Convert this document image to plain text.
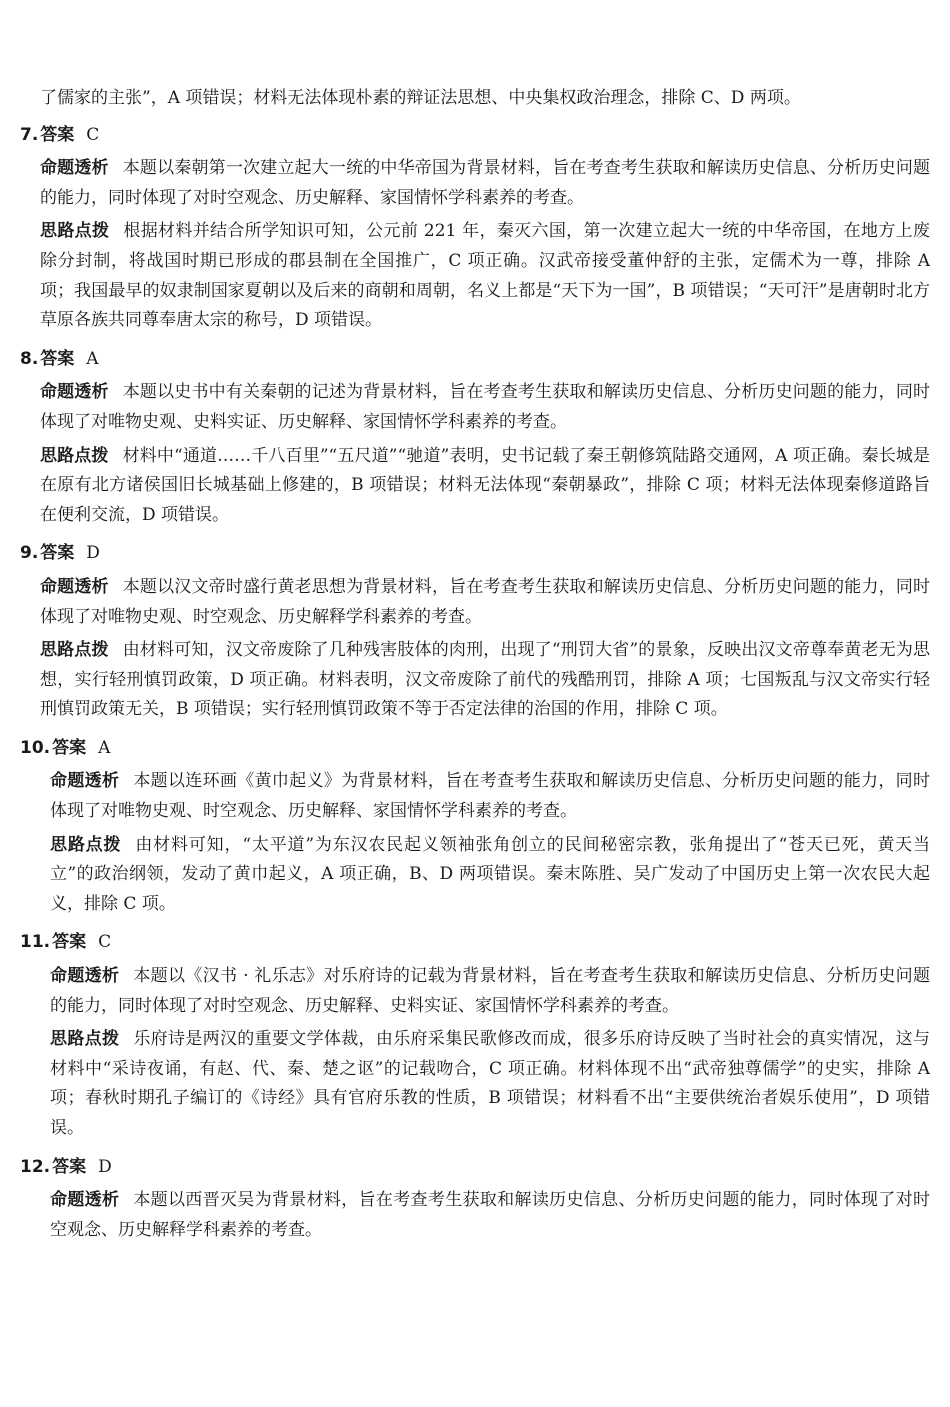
了儒家的主张”，A 项错误；材料无法体现朴素的辩证法思想、中央集权政治理念，排除 C、D 两项。
7. 答案 C
命题透析 本题以秦朝第一次建立起大一统的中华帝国为背景材料，旨在考查考生获取和解读历史信息、分析历史问题的能力，同时体现了对时空观念、历史解释、家国情怀学科素养的考查。
思路点拨 根据材料并结合所学知识可知，公元前 221 年，秦灭六国，第一次建立起大一统的中华帝国，在地方上废除分封制，将战国时期已形成的郡县制在全国推广，C 项正确。汉武帝接受董仲舒的主张，定儒术为一尊，排除 A 项；我国最早的奴隶制国家夏朝以及后来的商朝和周朝，名义上都是“天下为一国”，B 项错误；“天可汗”是唐朝时北方草原各族共同尊奉唐太宗的称号，D 项错误。
8. 答案 A
命题透析 本题以史书中有关秦朝的记述为背景材料，旨在考查考生获取和解读历史信息、分析历史问题的能力，同时体现了对唯物史观、史料实证、历史解释、家国情怀学科素养的考查。
思路点拨 材料中“通道……千八百里”“五尺道”“驰道”表明，史书记载了秦王朝修筑陆路交通网，A 项正确。秦长城是在原有北方诸侯国旧长城基础上修建的，B 项错误；材料无法体现“秦朝暴政”，排除 C 项；材料无法体现秦修道路旨在便利交流，D 项错误。
9. 答案 D
命题透析 本题以汉文帝时盛行黄老思想为背景材料，旨在考查考生获取和解读历史信息、分析历史问题的能力，同时体现了对唯物史观、时空观念、历史解释学科素养的考查。
思路点拨 由材料可知，汉文帝废除了几种残害肢体的肉刑，出现了“刑罚大省”的景象，反映出汉文帝尊奉黄老无为思想，实行轻刑慎罚政策，D 项正确。材料表明，汉文帝废除了前代的残酷刑罚，排除 A 项；七国叛乱与汉文帝实行轻刑慎罚政策无关，B 项错误；实行轻刑慎罚政策不等于否定法律的治国的作用，排除 C 项。
10. 答案 A
命题透析 本题以连环画《黄巾起义》为背景材料，旨在考查考生获取和解读历史信息、分析历史问题的能力，同时体现了对唯物史观、时空观念、历史解释、家国情怀学科素养的考查。
思路点拨 由材料可知，“太平道”为东汉农民起义领袖张角创立的民间秘密宗教，张角提出了“苍天已死，黄天当立”的政治纲领，发动了黄巾起义，A 项正确，B、D 两项错误。秦末陈胜、吴广发动了中国历史上第一次农民大起义，排除 C 项。
11. 答案 C
命题透析 本题以《汉书 · 礼乐志》对乐府诗的记载为背景材料，旨在考查考生获取和解读历史信息、分析历史问题的能力，同时体现了对时空观念、历史解释、史料实证、家国情怀学科素养的考查。
思路点拨 乐府诗是两汉的重要文学体裁，由乐府采集民歌修改而成，很多乐府诗反映了当时社会的真实情况，这与材料中“采诗夜诵，有赵、代、秦、楚之讴”的记载吻合，C 项正确。材料体现不出“武帝独尊儒学”的史实，排除 A 项；春秋时期孔子编订的《诗经》具有官府乐教的性质，B 项错误；材料看不出“主要供统治者娱乐使用”，D 项错误。
12. 答案 D
命题透析 本题以西晋灭吴为背景材料，旨在考查考生获取和解读历史信息、分析历史问题的能力，同时体现了对时空观念、历史解释学科素养的考查。
